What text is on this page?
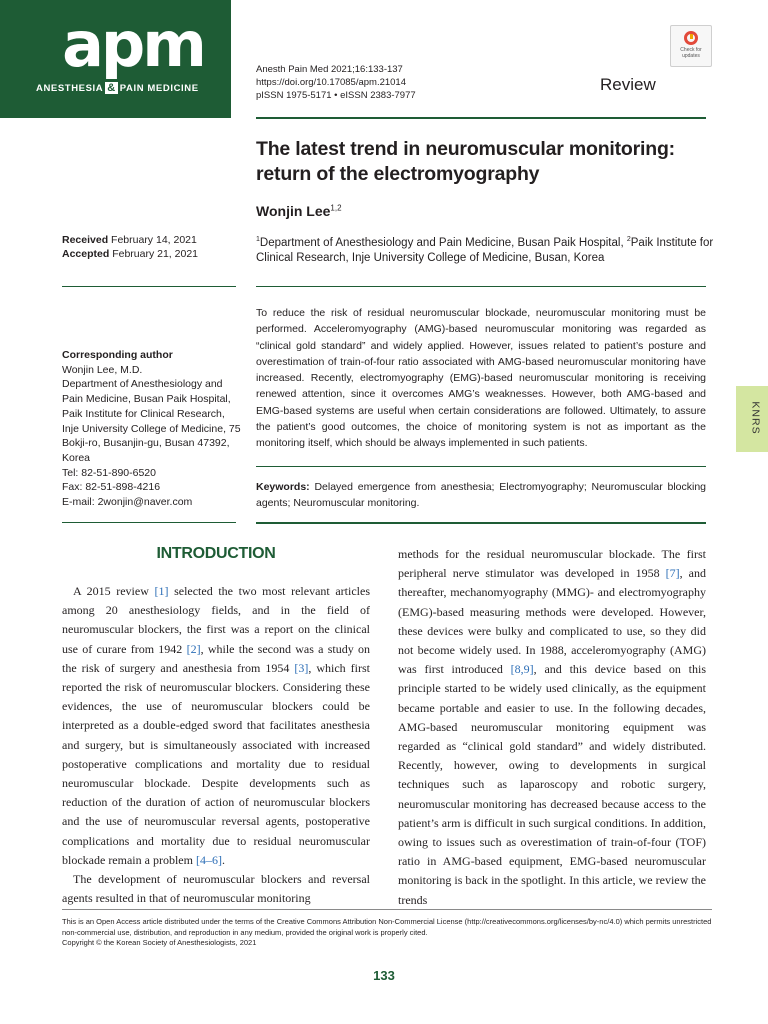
apm
ANESTHESIA & PAIN MEDICINE
Anesth Pain Med 2021;16:133-137
https://doi.org/10.17085/apm.21014
pISSN 1975-5171 • eISSN 2383-7977
Check for
updates
Review
The latest trend in neuromuscular monitoring: return of the electromyography
Wonjin Lee$^{1,2}$
$^1$Department of Anesthesiology and Pain Medicine, Busan Paik Hospital, $^2$Paik Institute for Clinical Research, Inje University College of Medicine, Busan, Korea
Received February 14, 2021
Accepted February 21, 2021
Corresponding author
Wonjin Lee, M.D.
Department of Anesthesiology and
Pain Medicine, Busan Paik Hospital,
Paik Institute for Clinical Research,
Inje University College of Medicine, 75
Bokji-ro, Busanjin-gu, Busan 47392,
Korea
Tel: 82-51-890-6520
Fax: 82-51-898-4216
E-mail: 2wonjin@naver.com
To reduce the risk of residual neuromuscular blockade, neuromuscular monitoring must be performed. Acceleromyography (AMG)-based neuromuscular monitoring was regarded as “clinical gold standard” and widely applied. However, issues related to patient’s posture and overestimation of train-of-four ratio associated with AMG-based neuromuscular monitoring have increased. Recently, electromyography (EMG)-based neuromuscular monitoring is receiving renewed attention, since it overcomes AMG’s weaknesses. However, both AMG-based and EMG-based systems are useful when certain considerations are followed. Ultimately, to assure the patient’s good outcomes, the choice of monitoring system is not as important as the monitoring itself, which should be always implemented in such patients.
Keywords: Delayed emergence from anesthesia; Electromyography; Neuromuscular blocking agents; Neuromuscular monitoring.
KNRS
INTRODUCTION

A 2015 review [1] selected the two most relevant articles among 20 anesthesiology fields, and in the field of neuromuscular blockers, the first was a report on the clinical use of curare from 1942 [2], while the second was a study on the risk of surgery and anesthesia from 1954 [3], which first reported the risk of neuromuscular blockers. Considering these evidences, the use of neuromuscular blockers could be interpreted as a double-edged sword that facilitates anesthesia and surgery, but is simultaneously associated with increased postoperative complications and mortality due to residual neuromuscular blockade. Despite developments such as reduction of the duration of action of neuromuscular blockers and the use of neuromuscular reversal agents, postoperative complications and mortality due to residual neuromuscular blockade remain a problem [4–6].

The development of neuromuscular blockers and reversal agents resulted in that of neuromuscular monitoring

methods for the residual neuromuscular blockade. The first peripheral nerve stimulator was developed in 1958 [7], and thereafter, mechanomyography (MMG)- and electromyography (EMG)-based measuring methods were developed. However, these devices were bulky and complicated to use, so they did not become widely used. In 1988, acceleromyography (AMG) was first introduced [8,9], and this device based on this principle started to be widely used clinically, as the equipment became portable and easier to use. In the following decades, AMG-based neuromuscular monitoring equipment was regarded as “clinical gold standard” and widely distributed. Recently, however, owing to developments in surgical techniques such as laparoscopy and robotic surgery, neuromuscular monitoring has decreased because access to the patient’s arm is difficult in such surgical conditions. In addition, owing to issues such as overestimation of train-of-four (TOF) ratio in AMG-based equipment, EMG-based neuromuscular monitoring is back in the spotlight. In this article, we review the trends

This is an Open Access article distributed under the terms of the Creative Commons Attribution Non-Commercial License (http://creativecommons.org/licenses/by-nc/4.0) which permits unrestricted non-commercial use, distribution, and reproduction in any medium, provided the original work is properly cited.
Copyright © the Korean Society of Anesthesiologists, 2021
133
